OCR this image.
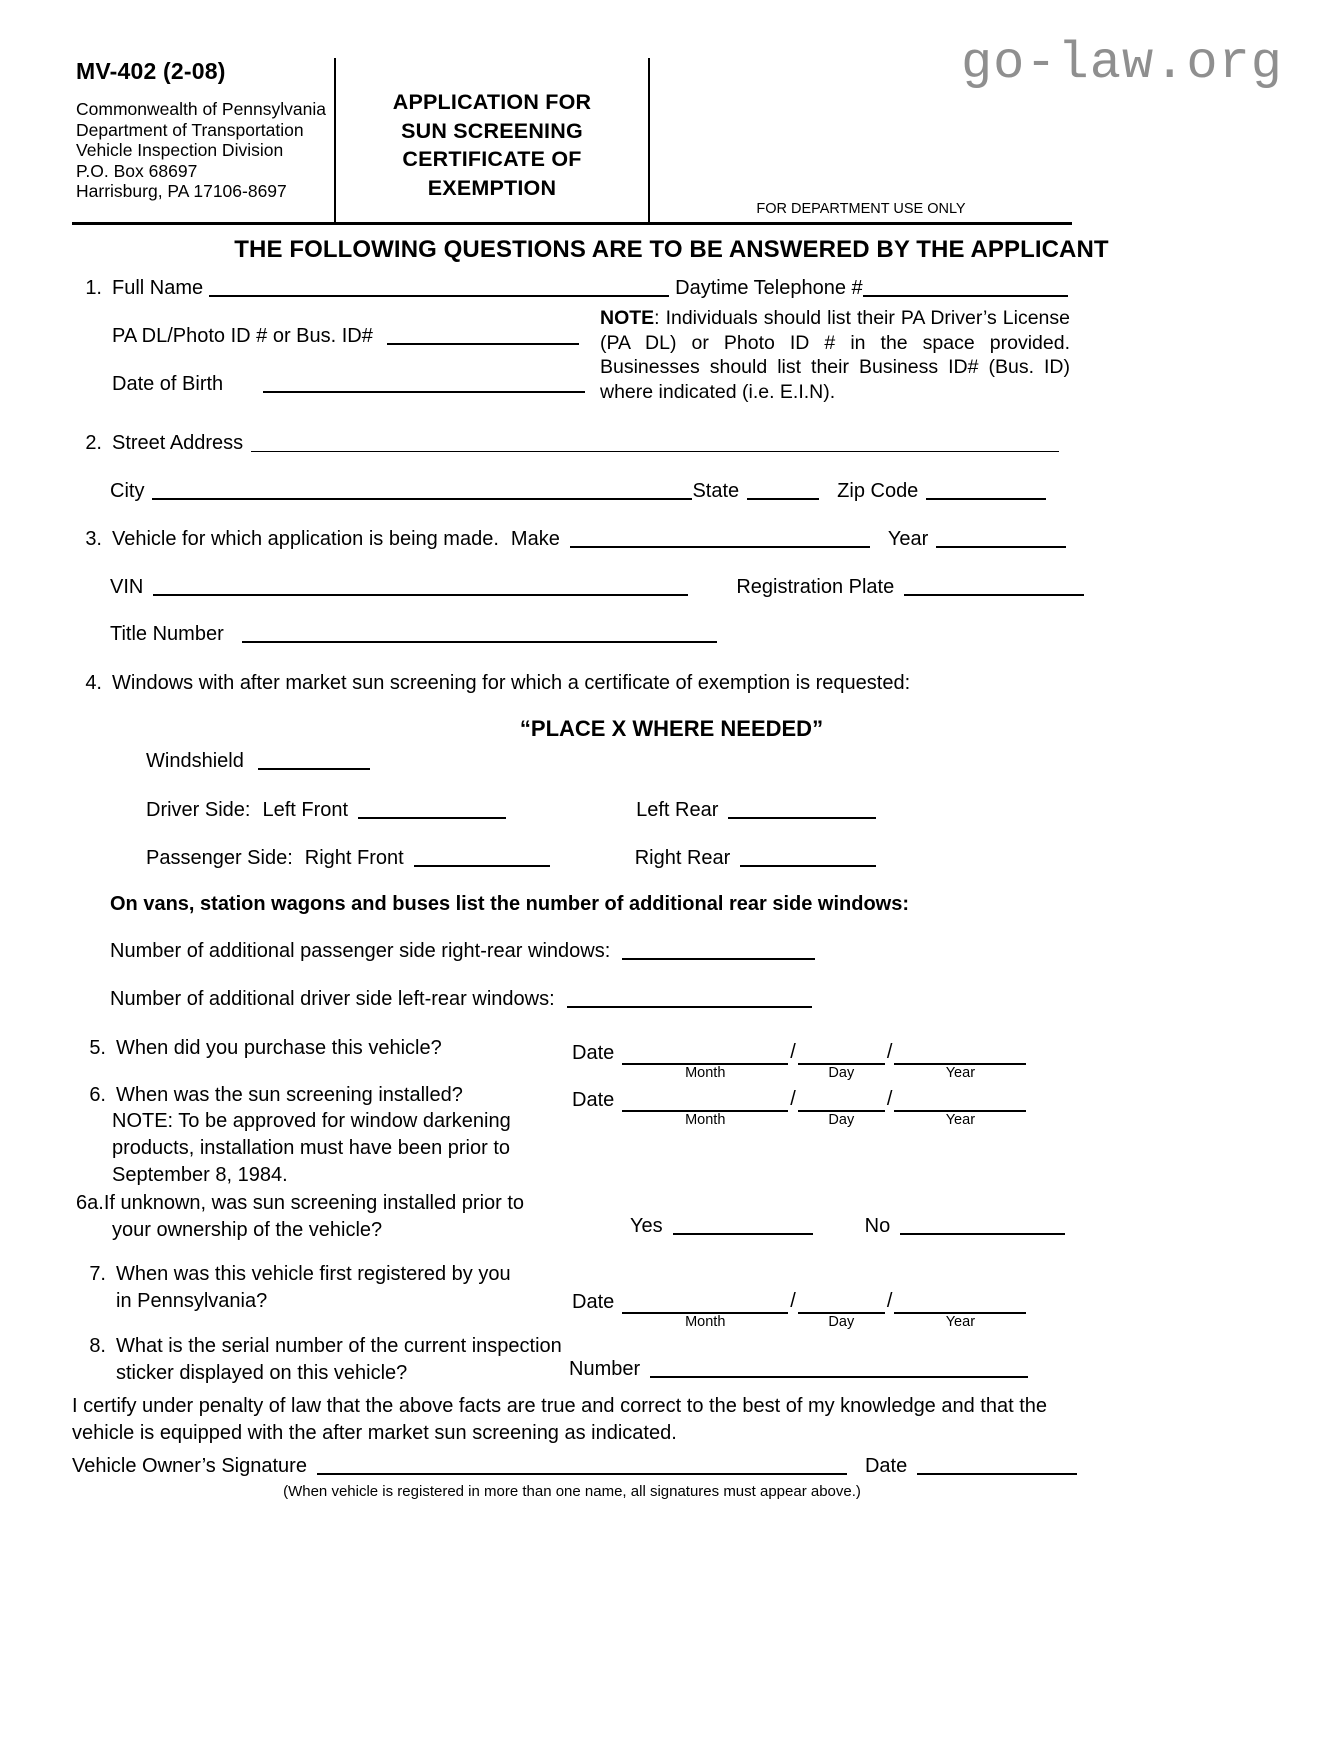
go-law.org
MV-402 (2-08)
Commonwealth of Pennsylvania
Department of Transportation
Vehicle Inspection Division
P.O. Box 68697
Harrisburg, PA 17106-8697
APPLICATION FOR
SUN SCREENING
CERTIFICATE OF
EXEMPTION
FOR DEPARTMENT USE ONLY
THE FOLLOWING QUESTIONS ARE TO BE ANSWERED BY THE APPLICANT
1. Full Name	Daytime Telephone #
PA DL/Photo ID # or Bus. ID#
Date of Birth
NOTE: Individuals should list their PA Driver’s License (PA DL) or Photo ID # in the space provided. Businesses should list their Business ID# (Bus. ID) where indicated (i.e. E.I.N).
2. Street Address
City	State	Zip Code
3. Vehicle for which application is being made. Make	Year
VIN	Registration Plate
Title Number
4. Windows with after market sun screening for which a certificate of exemption is requested:
“PLACE X WHERE NEEDED”
Windshield
Driver Side: Left Front	Left Rear
Passenger Side: Right Front	Right Rear
On vans, station wagons and buses list the number of additional rear side windows:
Number of additional passenger side right-rear windows:
Number of additional driver side left-rear windows:
5. When did you purchase this vehicle?	Date
Month
/
Day
/
Year
6. When was the sun screening installed?
NOTE: To be approved for window darkening
products, installation must have been prior to
September 8, 1984.
Date
Month
/
Day
/
Year
6a.If unknown, was sun screening installed prior to
your ownership of the vehicle?	Yes	No
7. When was this vehicle first registered by you
in Pennsylvania?	Date
Month
/
Day
/
Year
8. What is the serial number of the current inspection
sticker displayed on this vehicle?	Number
I certify under penalty of law that the above facts are true and correct to the best of my knowledge and that the
vehicle is equipped with the after market sun screening as indicated.
Vehicle Owner’s Signature	Date
(When vehicle is registered in more than one name, all signatures must appear above.)
